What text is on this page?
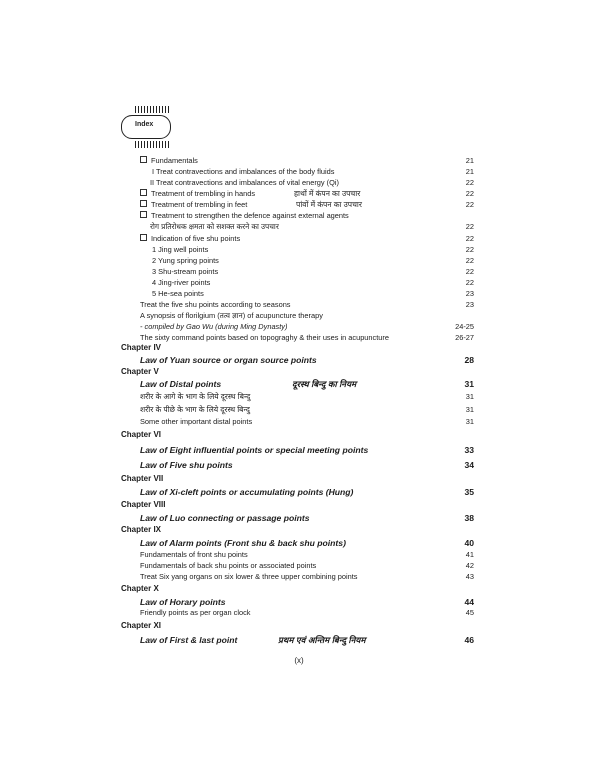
Index
Fundamentals	21
I Treat contravections and imbalances of the body fluids	21
II Treat contravections and imbalances of vital energy (Qi)	22
Treatment of trembling in hands	हाथों में कंपन का उपचार	22
Treatment of trembling in feet	पांवों में कंपन का उपचार	22
Treatment to strengthen the defence against external agents
रोग प्रतिरोधक क्षमता को सशक्त करने का उपचार	22
Indication of five shu points	22
1 Jing well points	22
2 Yung spring points	22
3 Shu-stream points	22
4 Jing-river points	22
5 He-sea points	23
Treat the five shu points according to seasons	23
A synopsis of florilgium (तत्व ज्ञान) of acupuncture therapy
- compiled by Gao Wu (during Ming Dynasty)	24-25
The sixty command points based on topograghy & their uses in acupuncture	26-27
Chapter IV
Law of Yuan source or organ source points	28
Chapter V
Law of Distal points	दूरस्थ बिन्दु का नियम	31
शरीर के आगे के भाग के लिये दूरस्थ बिन्दु	31
शरीर के पीछे के भाग के लिये दूरस्थ बिन्दु	31
Some other important distal points	31
Chapter VI
Law of Eight influential points or special meeting points	33
Law of Five shu points	34
Chapter VII
Law of Xi-cleft points or accumulating points (Hung)	35
Chapter VIII
Law of Luo connecting or passage points	38
Chapter IX
Law of Alarm points (Front shu & back shu points)	40
Fundamentals of front shu points	41
Fundamentals of back shu points or associated points	42
Treat Six yang organs on six lower & three upper combining points	43
Chapter X
Law of Horary points	44
Friendly points as per organ clock	45
Chapter XI
Law of First & last point	प्रथम एवं अन्तिम बिन्दु नियम	46
(x)
